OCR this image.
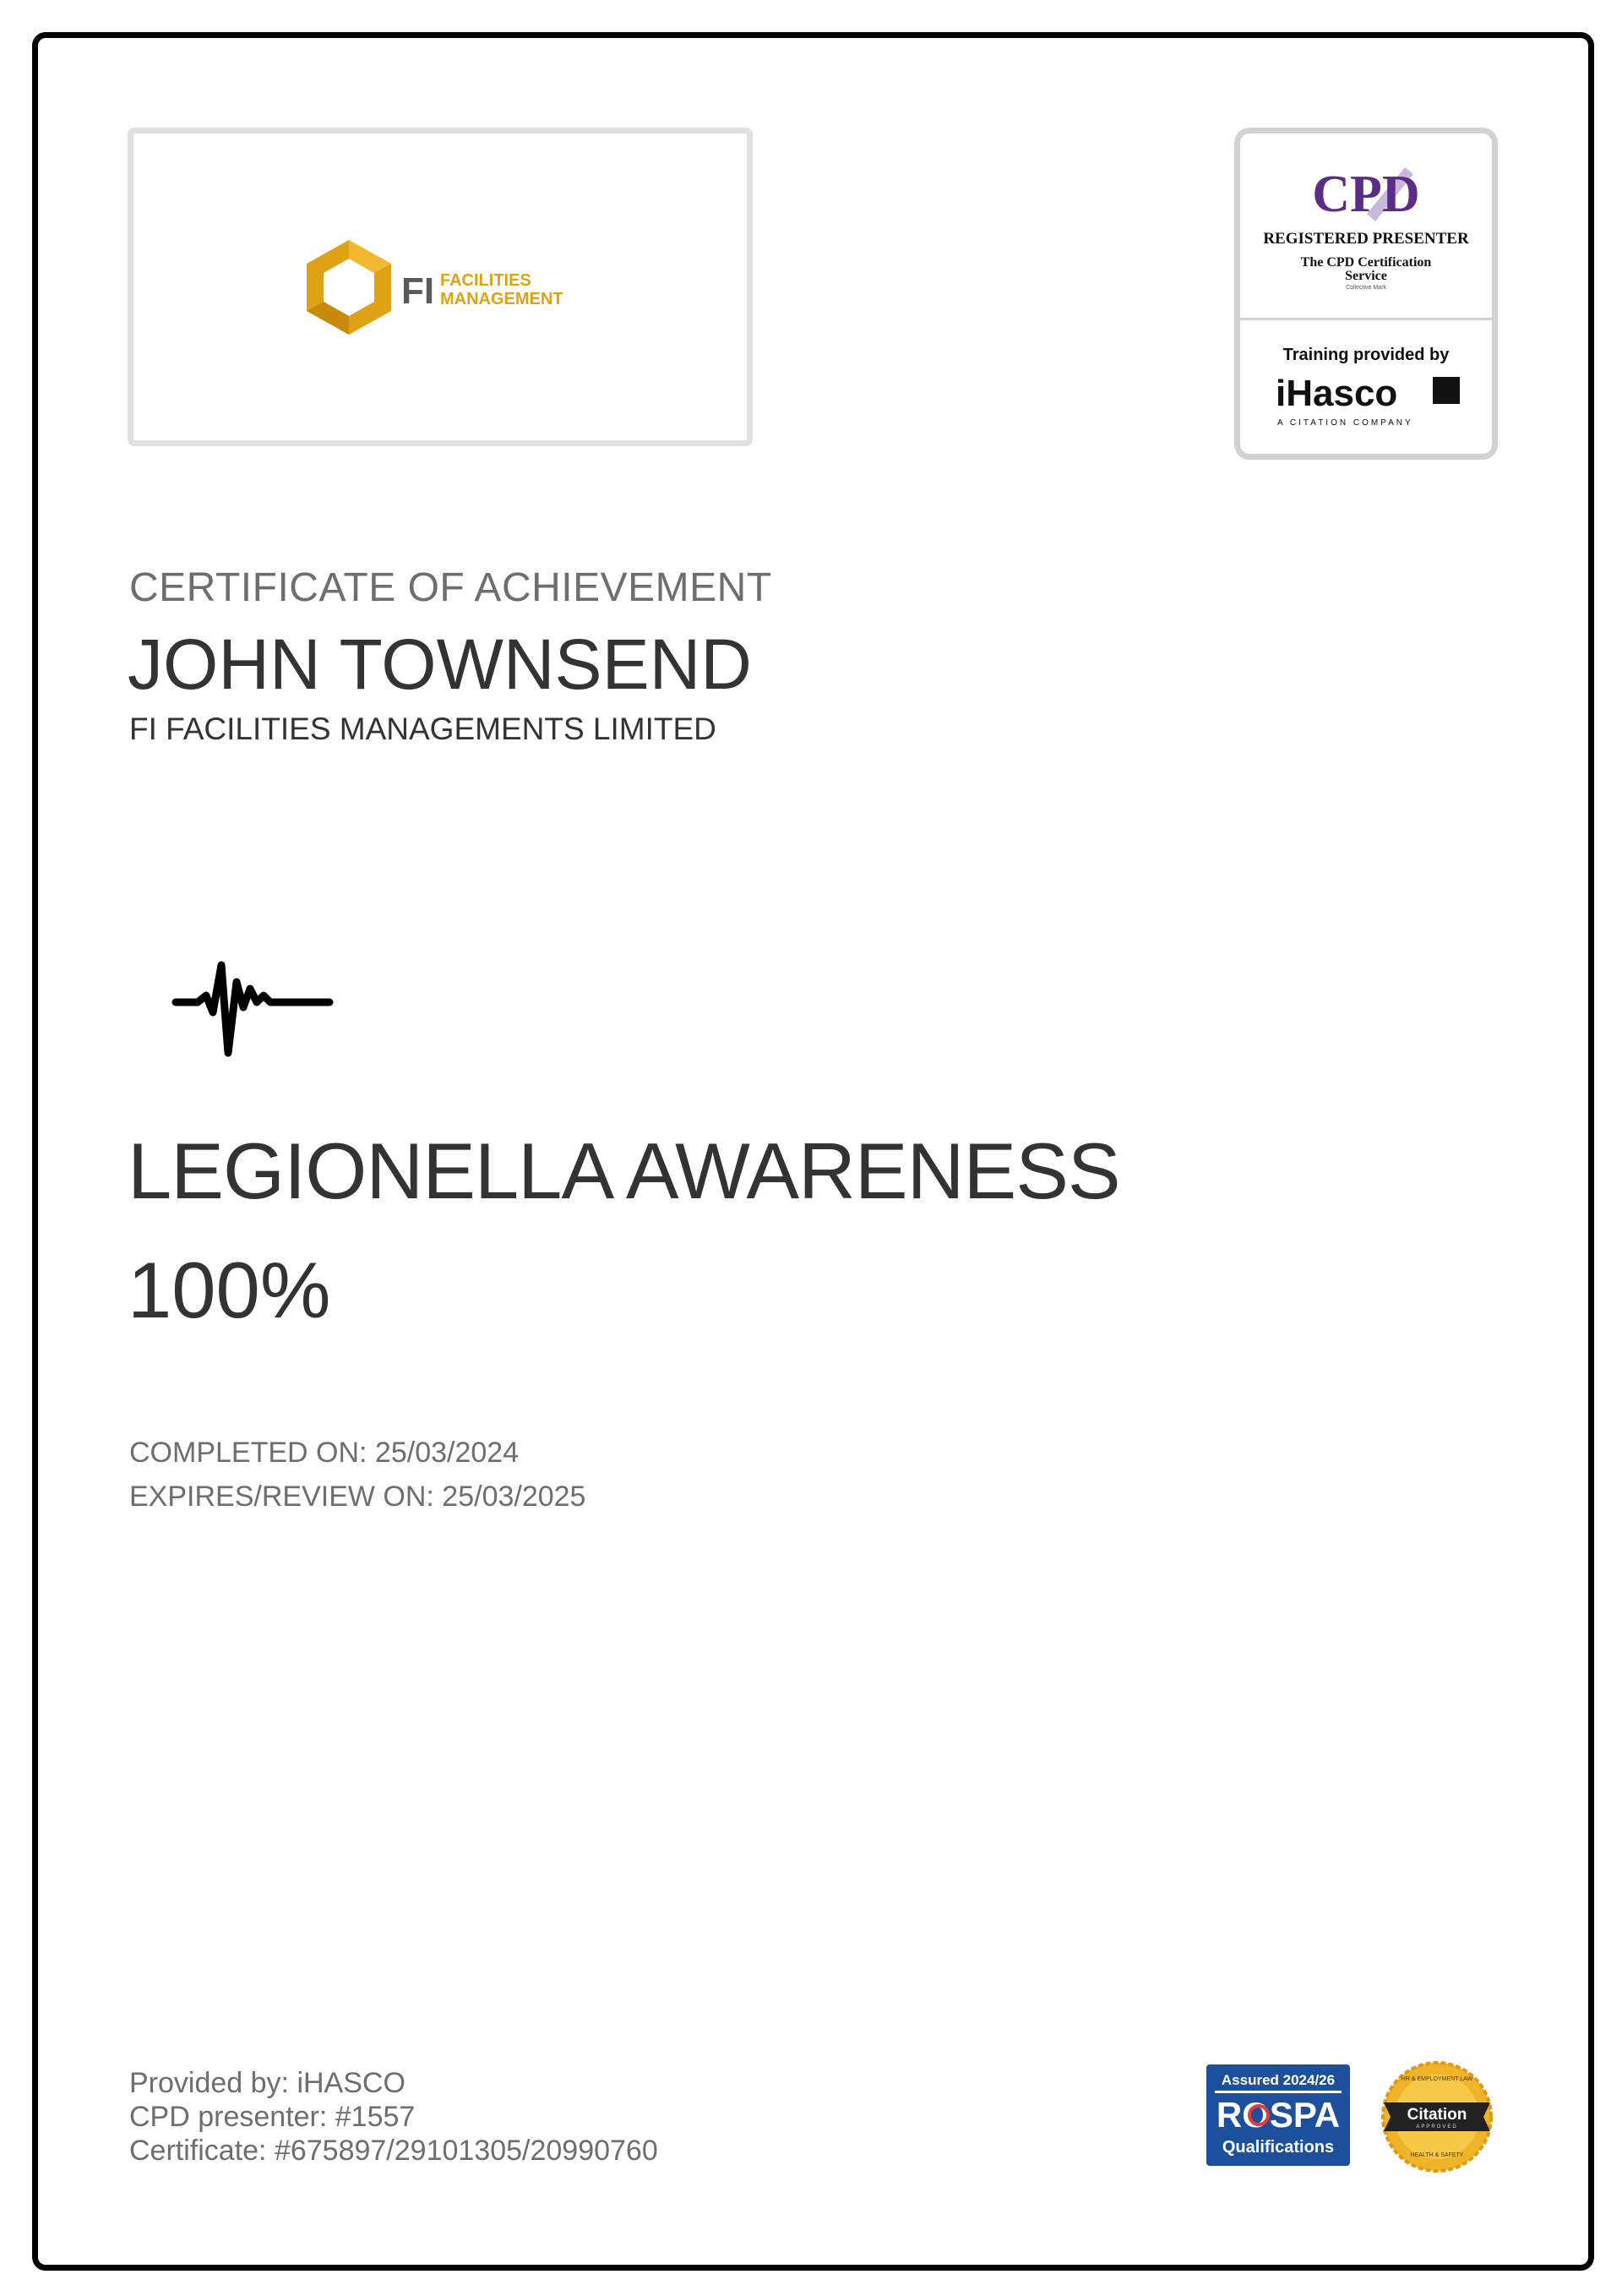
FI FACILITIES
MANAGEMENT
CPD
REGISTERED PRESENTER
The CPD Certification
Service
Collective Mark
Training provided by
iHasco
A CITATION COMPANY
CERTIFICATE OF ACHIEVEMENT
JOHN TOWNSEND
FI FACILITIES MANAGEMENTS LIMITED
LEGIONELLA AWARENESS
100%
COMPLETED ON: 25/03/2024
EXPIRES/REVIEW ON: 25/03/2025
Provided by: iHASCO
CPD presenter: #1557
Certificate: #675897/29101305/20990760
Assured 2024/26
ROSPA
Qualifications
HR & EMPLOYMENT LAW
Citation
APPROVED
HEALTH & SAFETY
